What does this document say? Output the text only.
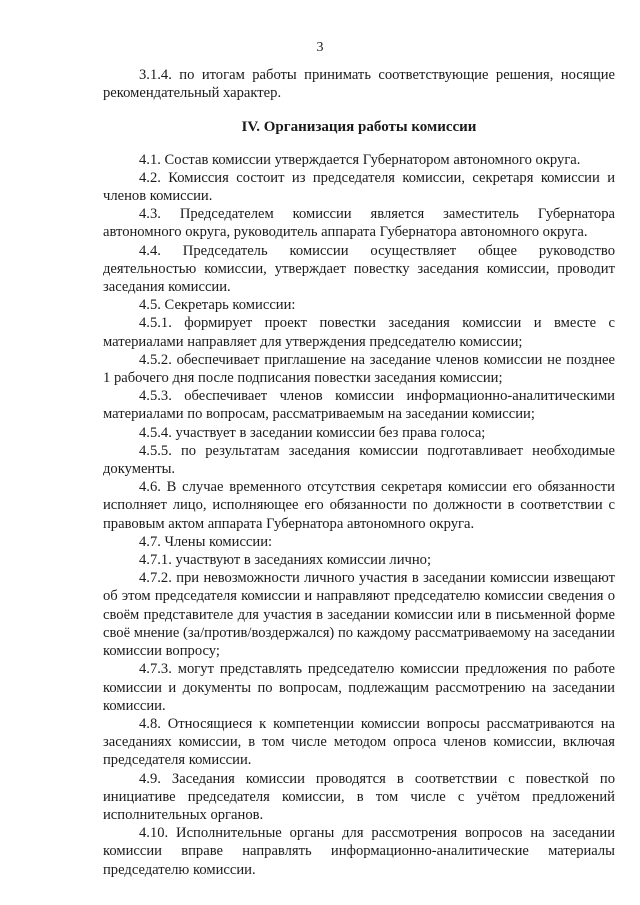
3

3.1.4. по итогам работы принимать соответствующие решения, носящие рекомендательный характер.

IV. Организация работы комиссии

4.1. Состав комиссии утверждается Губернатором автономного округа.

4.2. Комиссия состоит из председателя комиссии, секретаря комиссии и членов комиссии.

4.3. Председателем комиссии является заместитель Губернатора автономного округа, руководитель аппарата Губернатора автономного округа.

4.4. Председатель комиссии осуществляет общее руководство деятельностью комиссии, утверждает повестку заседания комиссии, проводит заседания комиссии.

4.5. Секретарь комиссии:

4.5.1. формирует проект повестки заседания комиссии и вместе с материалами направляет для утверждения председателю комиссии;

4.5.2. обеспечивает приглашение на заседание членов комиссии не позднее 1 рабочего дня после подписания повестки заседания комиссии;

4.5.3. обеспечивает членов комиссии информационно-аналитическими материалами по вопросам, рассматриваемым на заседании комиссии;

4.5.4. участвует в заседании комиссии без права голоса;

4.5.5. по результатам заседания комиссии подготавливает необходимые документы.

4.6. В случае временного отсутствия секретаря комиссии его обязанности исполняет лицо, исполняющее его обязанности по должности в соответствии с правовым актом аппарата Губернатора автономного округа.

4.7. Члены комиссии:

4.7.1. участвуют в заседаниях комиссии лично;

4.7.2. при невозможности личного участия в заседании комиссии извещают об этом председателя комиссии и направляют председателю комиссии сведения о своём представителе для участия в заседании комиссии или в письменной форме своё мнение (за/против/воздержался) по каждому рассматриваемому на заседании комиссии вопросу;

4.7.3. могут представлять председателю комиссии предложения по работе комиссии и документы по вопросам, подлежащим рассмотрению на заседании комиссии.

4.8. Относящиеся к компетенции комиссии вопросы рассматриваются на заседаниях комиссии, в том числе методом опроса членов комиссии, включая председателя комиссии.

4.9. Заседания комиссии проводятся в соответствии с повесткой по инициативе председателя комиссии, в том числе с учётом предложений исполнительных органов.

4.10. Исполнительные органы для рассмотрения вопросов на заседании комиссии вправе направлять информационно-аналитические материалы председателю комиссии.
